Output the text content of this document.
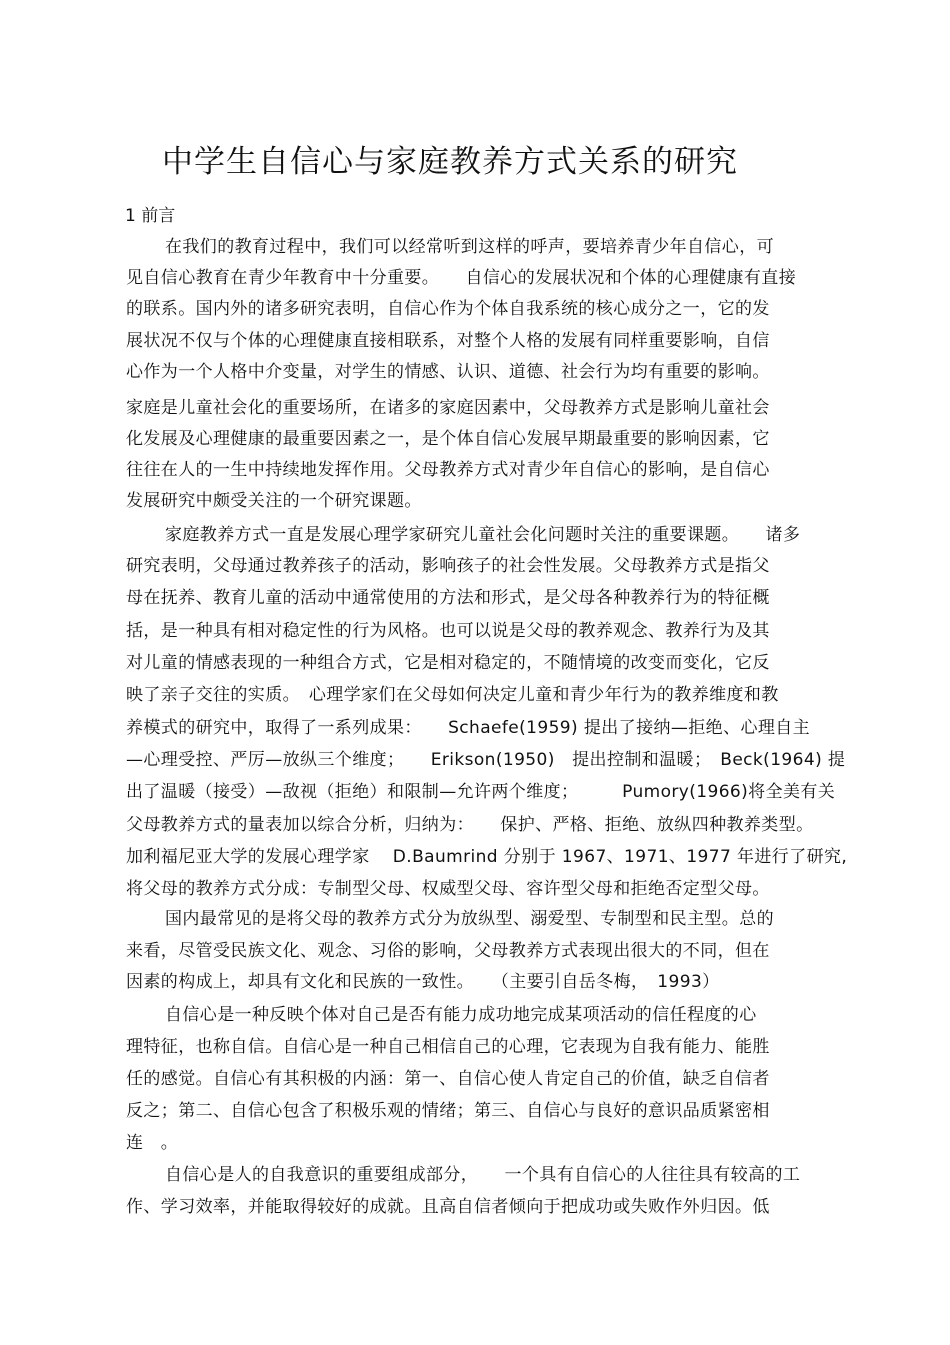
中学生自信心与家庭教养方式关系的研究
1 前言
在我们的教育过程中，我们可以经常听到这样的呼声，要培养青少年自信心，可
见自信心教育在青少年教育中十分重要。　　自信心的发展状况和个体的心理健康有直接
的联系。国内外的诸多研究表明，自信心作为个体自我系统的核心成分之一，它的发
展状况不仅与个体的心理健康直接相联系，对整个人格的发展有同样重要影响，自信
心作为一个人格中介变量，对学生的情感、认识、道德、社会行为均有重要的影响。
家庭是儿童社会化的重要场所，在诸多的家庭因素中，父母教养方式是影响儿童社会
化发展及心理健康的最重要因素之一，是个体自信心发展早期最重要的影响因素，它
往往在人的一生中持续地发挥作用。父母教养方式对青少年自信心的影响，是自信心
发展研究中颇受关注的一个研究课题。
家庭教养方式一直是发展心理学家研究儿童社会化问题时关注的重要课题。　　诸多
研究表明，父母通过教养孩子的活动，影响孩子的社会性发展。父母教养方式是指父
母在抚养、教育儿童的活动中通常使用的方法和形式，是父母各种教养行为的特征概
括，是一种具有相对稳定性的行为风格。也可以说是父母的教养观念、教养行为及其
对儿童的情感表现的一种组合方式，它是相对稳定的，不随情境的改变而变化，它反
映了亲子交往的实质。　心理学家们在父母如何决定儿童和青少年行为的教养维度和教
养模式的研究中，取得了一系列成果：　　Schaefe(1959) 提出了接纳—拒绝、心理自主
—心理受控、严厉—放纵三个维度；　　Erikson(1950)　提出控制和温暖；　Beck(1964) 提
出了温暖（接受）—敌视（拒绝）和限制—允许两个维度；　　　Pumory(1966)将全美有关
父母教养方式的量表加以综合分析，归纳为：　　保护、严格、拒绝、放纵四种教养类型。
加利福尼亚大学的发展心理学家　 D.Baumrind 分别于 1967、1971、1977 年进行了研究,
将父母的教养方式分成：专制型父母、权威型父母、容许型父母和拒绝否定型父母。
国内最常见的是将父母的教养方式分为放纵型、溺爱型、专制型和民主型。总的
来看，尽管受民族文化、观念、习俗的影响，父母教养方式表现出很大的不同，但在
因素的构成上，却具有文化和民族的一致性。　　（主要引自岳冬梅，　1993）
自信心是一种反映个体对自己是否有能力成功地完成某项活动的信任程度的心
理特征，也称自信。自信心是一种自己相信自己的心理，它表现为自我有能力、能胜
任的感觉。自信心有其积极的内涵：第一、自信心使人肯定自己的价值，缺乏自信者
反之；第二、自信心包含了积极乐观的情绪；第三、自信心与良好的意识品质紧密相
连　。
自信心是人的自我意识的重要组成部分，　　一个具有自信心的人往往具有较高的工
作、学习效率，并能取得较好的成就。且高自信者倾向于把成功或失败作外归因。低
